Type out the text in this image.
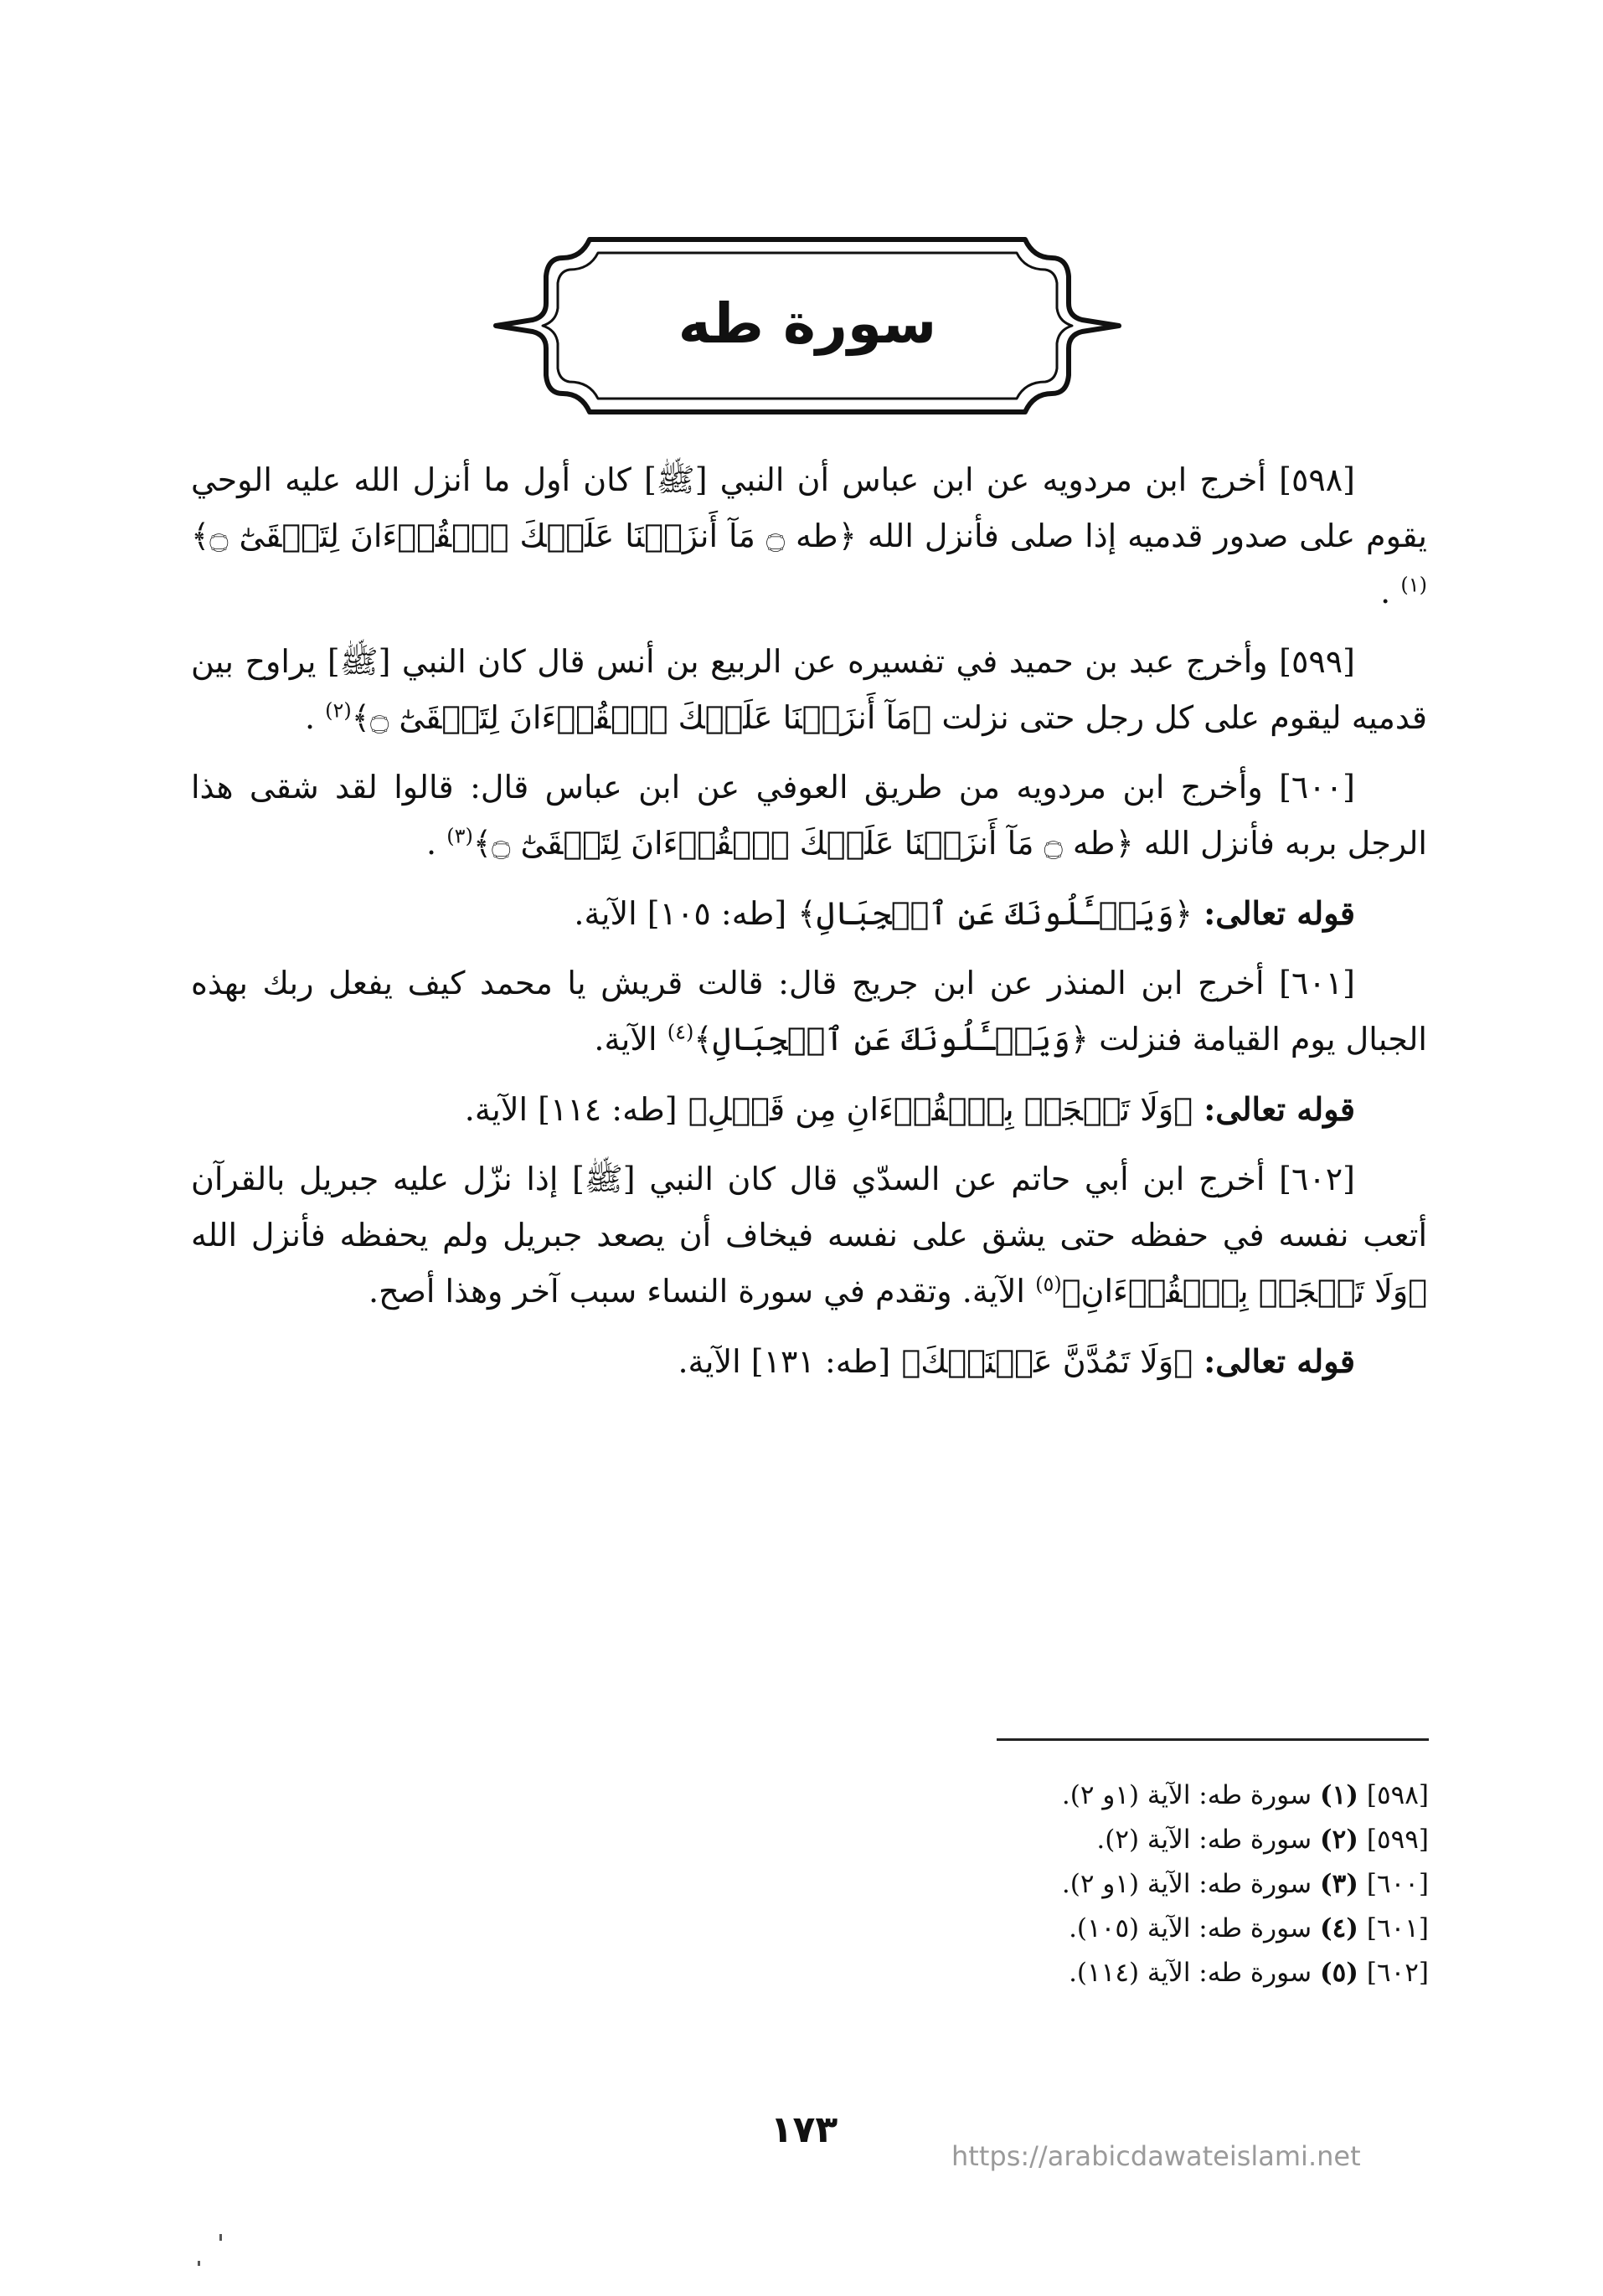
سورة طه

[٥٩٨] أخرج ابن مردويه عن ابن عباس أن النبي [ﷺ] كان أول ما أنزل الله عليه الوحي يقوم على صدور قدميه إذا صلى فأنزل الله ﴿طه ۝ مَآ أَنزَلۡنَا عَلَيۡكَ ٱلۡقُرۡءَانَ لِتَشۡقَىٰٓ ۝﴾$^{(١)}$ .

[٥٩٩] وأخرج عبد بن حميد في تفسيره عن الربيع بن أنس قال كان النبي [ﷺ] يراوح بين قدميه ليقوم على كل رجل حتى نزلت ﴿مَآ أَنزَلۡنَا عَلَيۡكَ ٱلۡقُرۡءَانَ لِتَشۡقَىٰٓ ۝﴾$^{(٢)}$ .

[٦٠٠] وأخرج ابن مردويه من طريق العوفي عن ابن عباس قال: قالوا لقد شقى هذا الرجل بربه فأنزل الله ﴿طه ۝ مَآ أَنزَلۡنَا عَلَيۡكَ ٱلۡقُرۡءَانَ لِتَشۡقَىٰٓ ۝﴾$^{(٣)}$ .

قوله تعالى: ﴿وَيَسۡـَٔلُونَكَ عَنِ ٱلۡجِبَالِ﴾ [طه: ١٠٥] الآية.

[٦٠١] أخرج ابن المنذر عن ابن جريج قال: قالت قريش يا محمد كيف يفعل ربك بهذه الجبال يوم القيامة فنزلت ﴿وَيَسۡـَٔلُونَكَ عَنِ ٱلۡجِبَالِ﴾$^{(٤)}$ الآية.

قوله تعالى: ﴿وَلَا تَعۡجَلۡ بِٱلۡقُرۡءَانِ مِن قَبۡلِ﴾ [طه: ١١٤] الآية.

[٦٠٢] أخرج ابن أبي حاتم عن السدّي قال كان النبي [ﷺ] إذا نزّل عليه جبريل بالقرآن أتعب نفسه في حفظه حتى يشق على نفسه فيخاف أن يصعد جبريل ولم يحفظه فأنزل الله ﴿وَلَا تَعۡجَلۡ بِٱلۡقُرۡءَانِ﴾$^{(٥)}$ الآية. وتقدم في سورة النساء سبب آخر وهذا أصح.

قوله تعالى: ﴿وَلَا تَمُدَّنَّ عَيۡنَيۡكَ﴾ [طه: ١٣١] الآية.

[٥٩٨] (١) سورة طه: الآية (١و ٢).
[٥٩٩] (٢) سورة طه: الآية (٢).
[٦٠٠] (٣) سورة طه: الآية (١و ٢).
[٦٠١] (٤) سورة طه: الآية (١٠٥).
[٦٠٢] (٥) سورة طه: الآية (١١٤).
١٧٣
https://arabicdawateislami.net
